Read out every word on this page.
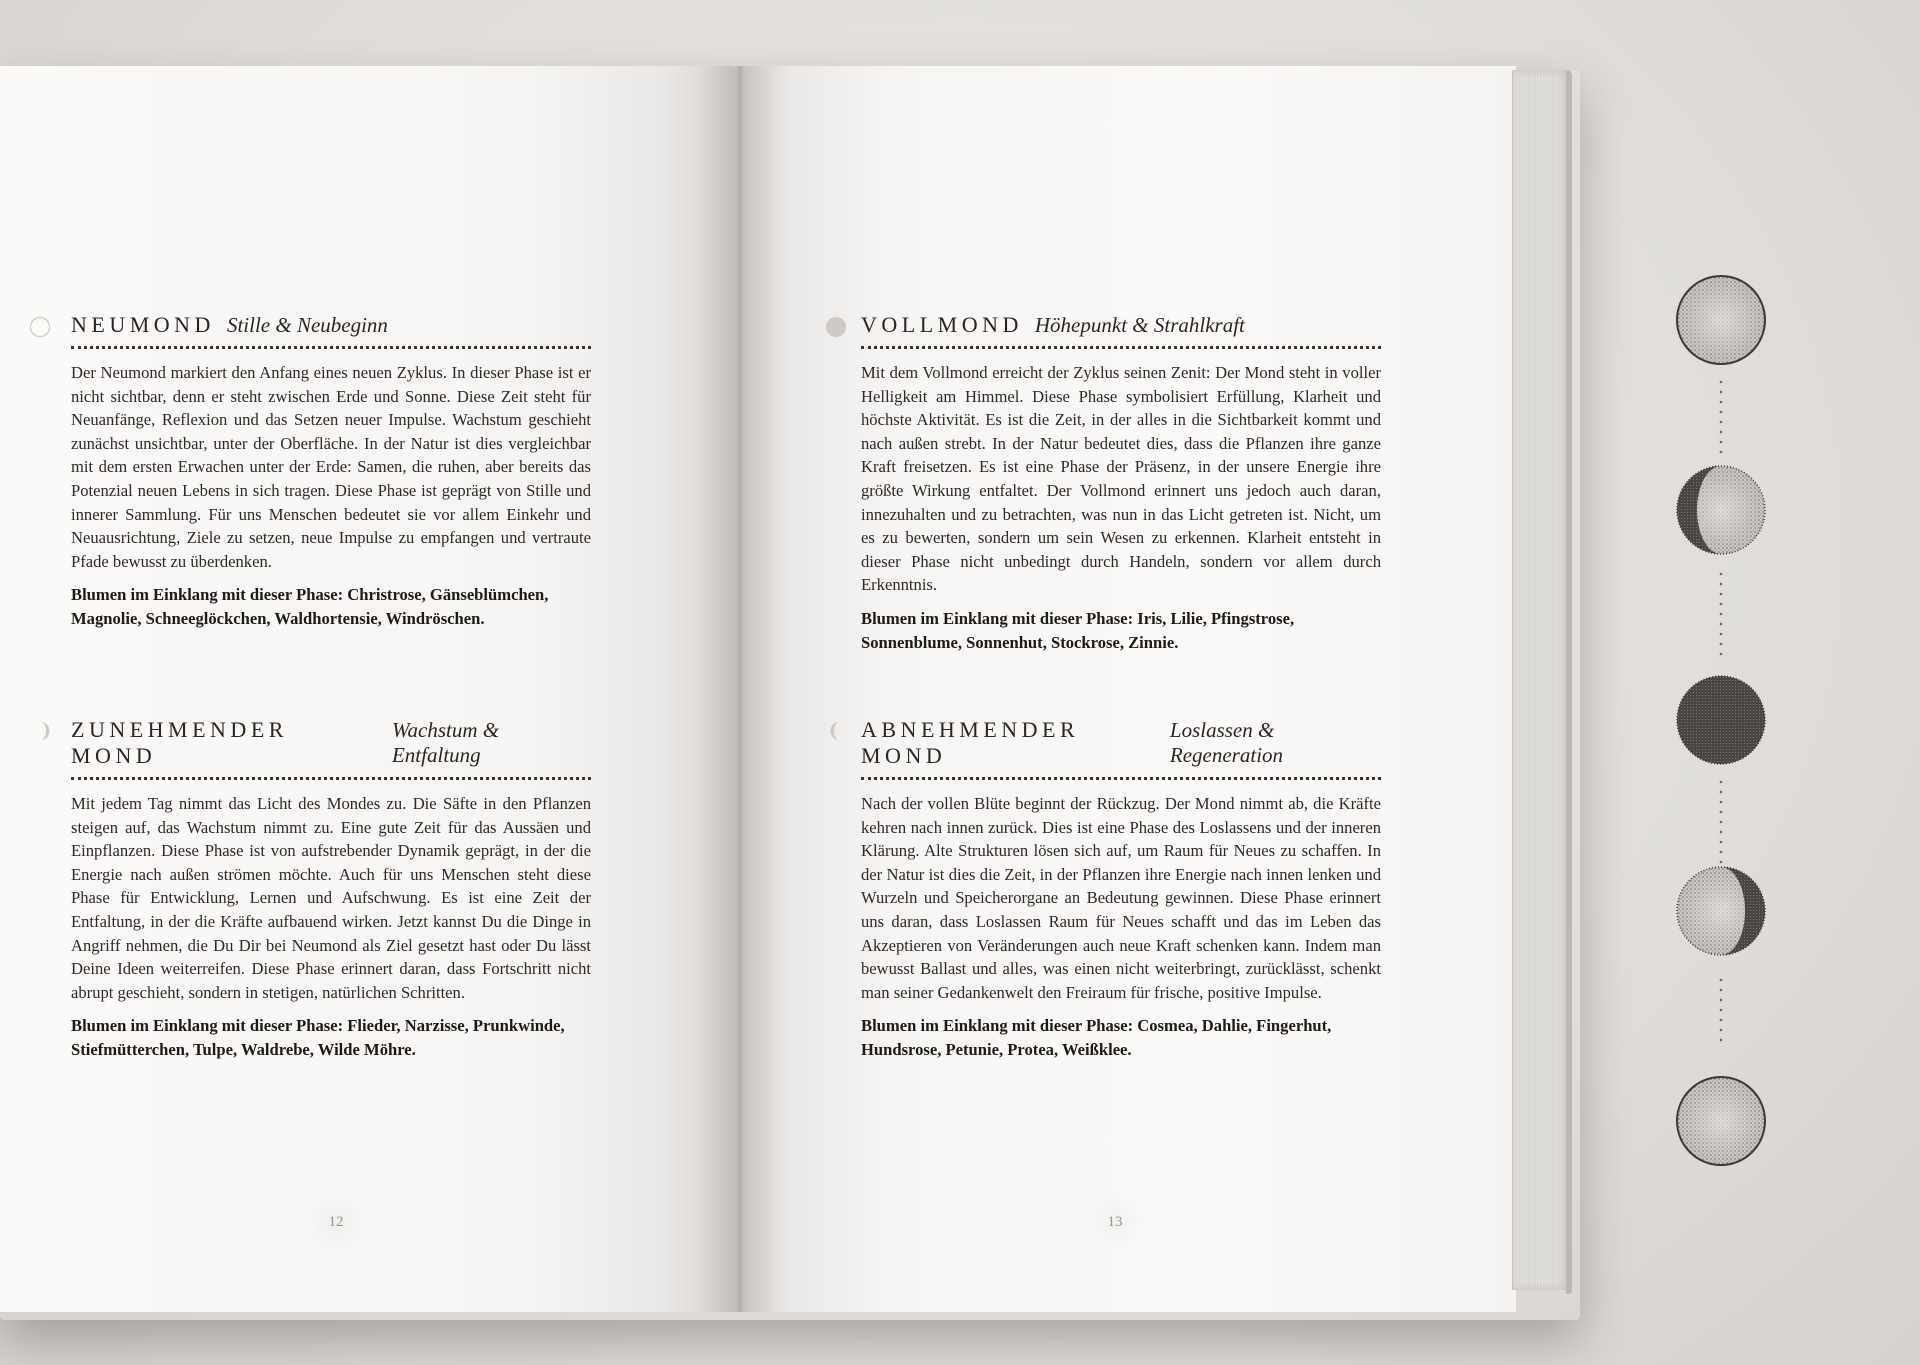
NEUMOND Stille & Neubeginn

Der Neumond markiert den Anfang eines neuen Zyklus. In dieser Phase ist er nicht sichtbar, denn er steht zwischen Erde und Sonne. Diese Zeit steht für Neuanfänge, Reflexion und das Setzen neuer Impulse. Wachstum geschieht zunächst unsichtbar, unter der Oberfläche. In der Natur ist dies vergleichbar mit dem ersten Erwachen unter der Erde: Samen, die ruhen, aber bereits das Potenzial neuen Lebens in sich tragen. Diese Phase ist geprägt von Stille und innerer Sammlung. Für uns Menschen bedeutet sie vor allem Einkehr und Neuausrichtung, Ziele zu setzen, neue Impulse zu empfangen und vertraute Pfade bewusst zu überdenken.

Blumen im Einklang mit dieser Phase: Christrose, Gänseblümchen, Magnolie, Schneeglöckchen, Waldhortensie, Windröschen.

ZUNEHMENDER MOND
Wachstum & Entfaltung

Mit jedem Tag nimmt das Licht des Mondes zu. Die Säfte in den Pflanzen steigen auf, das Wachstum nimmt zu. Eine gute Zeit für das Aussäen und Einpflanzen. Diese Phase ist von aufstrebender Dynamik geprägt, in der die Energie nach außen strömen möchte. Auch für uns Menschen steht diese Phase für Entwicklung, Lernen und Aufschwung. Es ist eine Zeit der Entfaltung, in der die Kräfte aufbauend wirken. Jetzt kannst Du die Dinge in Angriff nehmen, die Du Dir bei Neumond als Ziel gesetzt hast oder Du lässt Deine Ideen weiterreifen. Diese Phase erinnert daran, dass Fortschritt nicht abrupt geschieht, sondern in stetigen, natürlichen Schritten.

Blumen im Einklang mit dieser Phase: Flieder, Narzisse, Prunkwinde, Stiefmütterchen, Tulpe, Waldrebe, Wilde Möhre.

12
VOLLMOND Höhepunkt & Strahlkraft

Mit dem Vollmond erreicht der Zyklus seinen Zenit: Der Mond steht in voller Helligkeit am Himmel. Diese Phase symbolisiert Erfüllung, Klarheit und höchste Aktivität. Es ist die Zeit, in der alles in die Sichtbarkeit kommt und nach außen strebt. In der Natur bedeutet dies, dass die Pflanzen ihre ganze Kraft freisetzen. Es ist eine Phase der Präsenz, in der unsere Energie ihre größte Wirkung entfaltet. Der Vollmond erinnert uns jedoch auch daran, innezuhalten und zu betrachten, was nun in das Licht getreten ist. Nicht, um es zu bewerten, sondern um sein Wesen zu erkennen. Klarheit entsteht in dieser Phase nicht unbedingt durch Handeln, sondern vor allem durch Erkenntnis.

Blumen im Einklang mit dieser Phase: Iris, Lilie, Pfingstrose, Sonnenblume, Sonnenhut, Stockrose, Zinnie.

ABNEHMENDER MOND
Loslassen & Regeneration

Nach der vollen Blüte beginnt der Rückzug. Der Mond nimmt ab, die Kräfte kehren nach innen zurück. Dies ist eine Phase des Loslassens und der inneren Klärung. Alte Strukturen lösen sich auf, um Raum für Neues zu schaffen. In der Natur ist dies die Zeit, in der Pflanzen ihre Energie nach innen lenken und Wurzeln und Speicherorgane an Bedeutung gewinnen. Diese Phase erinnert uns daran, dass Loslassen Raum für Neues schafft und das im Leben das Akzeptieren von Veränderungen auch neue Kraft schenken kann. Indem man bewusst Ballast und alles, was einen nicht weiterbringt, zurücklässt, schenkt man seiner Gedankenwelt den Freiraum für frische, positive Impulse.

Blumen im Einklang mit dieser Phase: Cosmea, Dahlie, Fingerhut, Hundsrose, Petunie, Protea, Weißklee.

13
